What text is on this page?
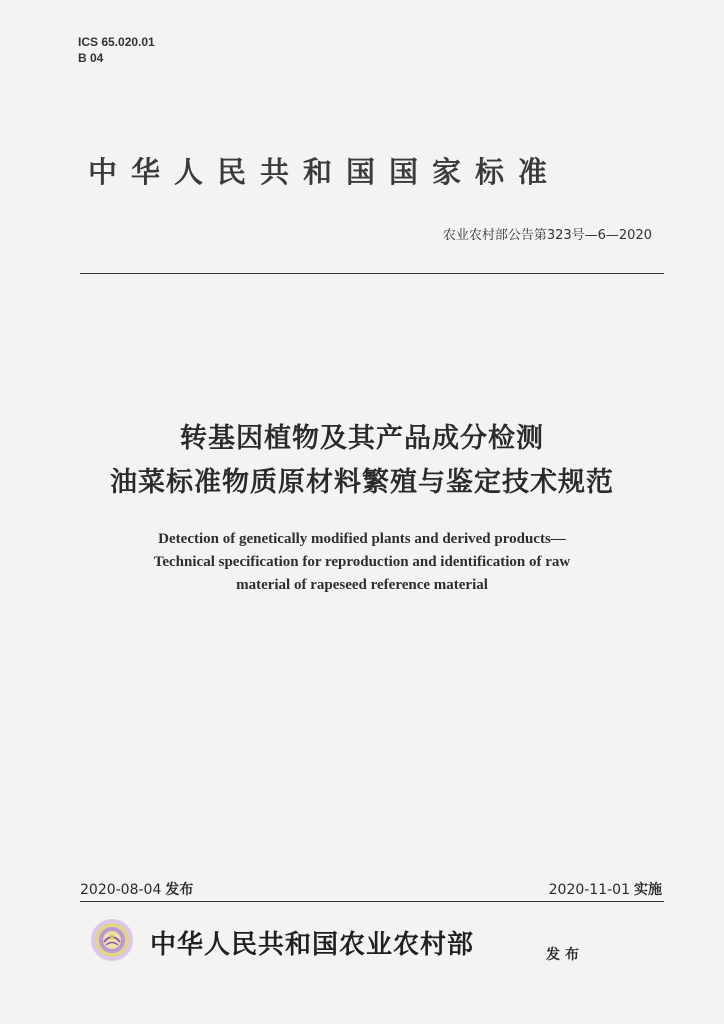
ICS 65.020.01
B 04
中华人民共和国国家标准
农业农村部公告第323号—6—2020
转基因植物及其产品成分检测
油菜标准物质原材料繁殖与鉴定技术规范
Detection of genetically modified plants and derived products—
Technical specification for reproduction and identification of raw
material of rapeseed reference material
2020-08-04 发布	2020-11-01 实施
中华人民共和国农业农村部	发布
